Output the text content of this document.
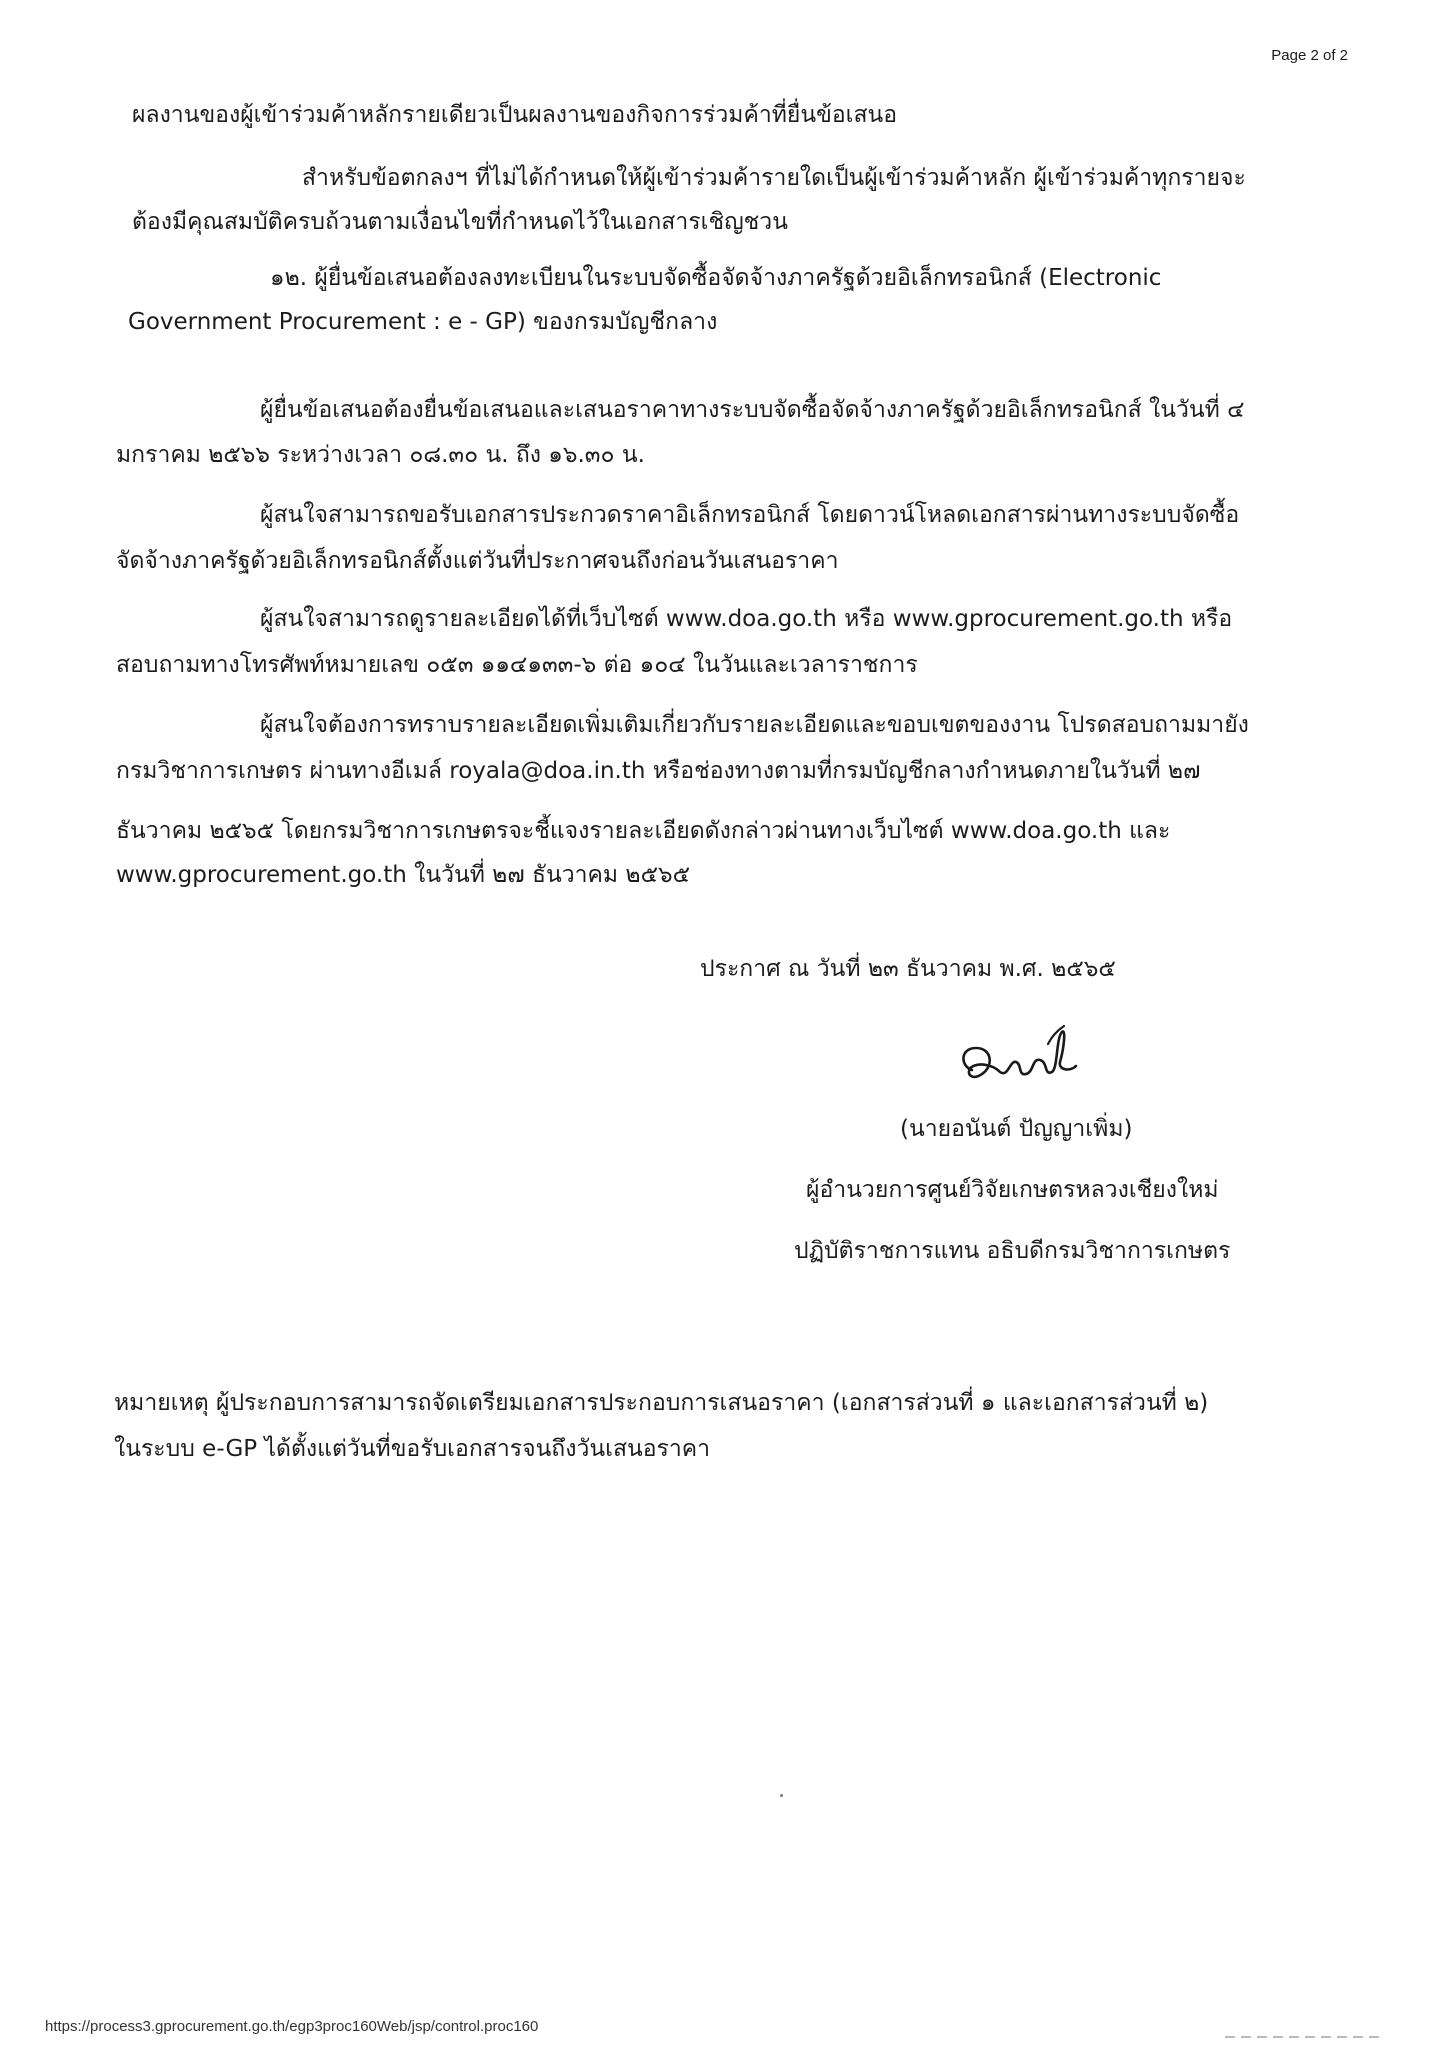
Page 2 of 2
ผลงานของผู้เข้าร่วมค้าหลักรายเดียวเป็นผลงานของกิจการร่วมค้าที่ยื่นข้อเสนอ
สำหรับข้อตกลงฯ ที่ไม่ได้กำหนดให้ผู้เข้าร่วมค้ารายใดเป็นผู้เข้าร่วมค้าหลัก ผู้เข้าร่วมค้าทุกรายจะ
ต้องมีคุณสมบัติครบถ้วนตามเงื่อนไขที่กำหนดไว้ในเอกสารเชิญชวน
๑๒. ผู้ยื่นข้อเสนอต้องลงทะเบียนในระบบจัดซื้อจัดจ้างภาครัฐด้วยอิเล็กทรอนิกส์ (Electronic
Government Procurement : e - GP) ของกรมบัญชีกลาง
ผู้ยื่นข้อเสนอต้องยื่นข้อเสนอและเสนอราคาทางระบบจัดซื้อจัดจ้างภาครัฐด้วยอิเล็กทรอนิกส์ ในวันที่ ๔
มกราคม ๒๕๖๖ ระหว่างเวลา ๐๘.๓๐ น. ถึง ๑๖.๓๐ น.
ผู้สนใจสามารถขอรับเอกสารประกวดราคาอิเล็กทรอนิกส์ โดยดาวน์โหลดเอกสารผ่านทางระบบจัดซื้อ
จัดจ้างภาครัฐด้วยอิเล็กทรอนิกส์ตั้งแต่วันที่ประกาศจนถึงก่อนวันเสนอราคา
ผู้สนใจสามารถดูรายละเอียดได้ที่เว็บไซต์ www.doa.go.th หรือ www.gprocurement.go.th หรือ
สอบถามทางโทรศัพท์หมายเลข ๐๕๓ ๑๑๔๑๓๓-๖ ต่อ ๑๐๔ ในวันและเวลาราชการ
ผู้สนใจต้องการทราบรายละเอียดเพิ่มเติมเกี่ยวกับรายละเอียดและขอบเขตของงาน โปรดสอบถามมายัง
กรมวิชาการเกษตร ผ่านทางอีเมล์ royala@doa.in.th หรือช่องทางตามที่กรมบัญชีกลางกำหนดภายในวันที่ ๒๗
ธันวาคม ๒๕๖๕ โดยกรมวิชาการเกษตรจะชี้แจงรายละเอียดดังกล่าวผ่านทางเว็บไซต์ www.doa.go.th และ
www.gprocurement.go.th ในวันที่ ๒๗ ธันวาคม ๒๕๖๕
ประกาศ ณ วันที่ ๒๓ ธันวาคม พ.ศ. ๒๕๖๕
(นายอนันต์ ปัญญาเพิ่ม)
ผู้อำนวยการศูนย์วิจัยเกษตรหลวงเชียงใหม่
ปฏิบัติราชการแทน อธิบดีกรมวิชาการเกษตร
หมายเหตุ ผู้ประกอบการสามารถจัดเตรียมเอกสารประกอบการเสนอราคา (เอกสารส่วนที่ ๑ และเอกสารส่วนที่ ๒)
ในระบบ e-GP ได้ตั้งแต่วันที่ขอรับเอกสารจนถึงวันเสนอราคา
https://process3.gprocurement.go.th/egp3proc160Web/jsp/control.proc160
